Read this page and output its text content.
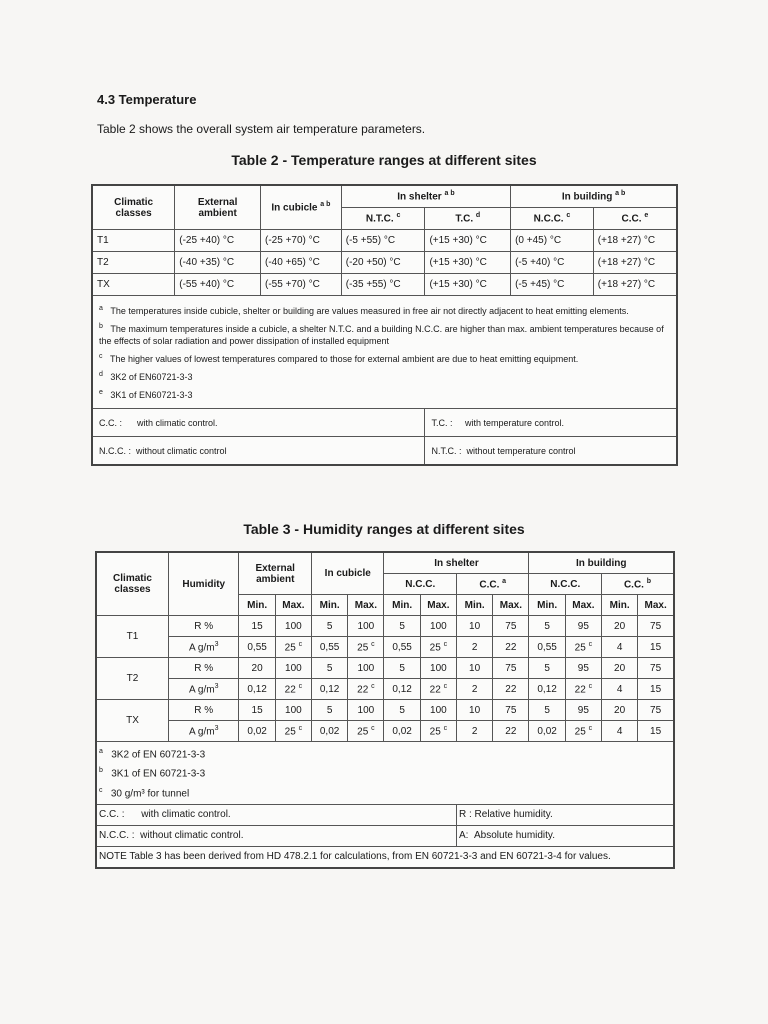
4.3 Temperature
Table 2 shows the overall system air temperature parameters.
Table 2 - Temperature ranges at different sites
Climatic classes	External ambient	In cubicle $^{a b}$	In shelter $^{a b}$		In building $^{a b}$
			N.T.C. $^c$	T.C. $^d$	N.C.C. $^c$	C.C. $^e$
T1	(-25 +40) °C	(-25 +70) °C	(-5 +55) °C	(+15 +30) °C	(0 +45) °C	(+18 +27) °C
T2	(-40 +35) °C	(-40 +65) °C	(-20 +50) °C	(+15 +30) °C	(-5 +40) °C	(+18 +27) °C
TX	(-55 +40) °C	(-55 +70) °C	(-35 +55) °C	(+15 +30) °C	(-5 +45) °C	(+18 +27) °C

$^a$ The temperatures inside cubicle, shelter or building are values measured in free air not directly adjacent to heat emitting elements.
$^b$ The maximum temperatures inside a cubicle, a shelter N.T.C. and a building N.C.C. are higher than max. ambient temperatures because of the effects of solar radiation and power dissipation of installed equipment
$^c$ The higher values of lowest temperatures compared to those for external ambient are due to heat emitting equipment.
$^d$ 3K2 of EN60721-3-3
$^e$ 3K1 of EN60721-3-3						

C.C. : with climatic control.				T.C. : with temperature control.		
N.C.C. : without climatic control				N.T.C. : without temperature control		
Table 3 - Humidity ranges at different sites
Climatic classes	Humidity	External ambient		In cubicle		In shelter				In building			
						N.C.C.		C.C. $^a$		N.C.C.		C.C. $^b$
		Min.	Max.	Min.	Max.	Min.	Max.	Min.	Max.	Min.	Max.	Min.	Max.
T1	R %	15	100	5	100	5	100	10	75	5	95	20	75
	A $g/m^3$	0,55	25 $^c$	0,55	25 $^c$	0,55	25 $^c$	2	22	0,55	25 $^c$	4	15
T2	R %	20	100	5	100	5	100	10	75	5	95	20	75
	A $g/m^3$	0,12	22 $^c$	0,12	22 $^c$	0,12	22 $^c$	2	22	0,12	22 $^c$	4	15
TX	R %	15	100	5	100	5	100	10	75	5	95	20	75
	A $g/m^3$	0,02	25 $^c$	0,02	25 $^c$	0,02	25 $^c$	2	22	0,02	25 $^c$	4	15

$^a$ 3K2 of EN 60721-3-3
$^b$ 3K1 of EN 60721-3-3
$^c$ 30 g/m³ for tunnel													

C.C. : with climatic control.								R : Relative humidity.					
N.C.C. : without climatic control.								A: Absolute humidity.					
NOTE Table 3 has been derived from HD 478.2.1 for calculations, from EN 60721-3-3 and EN 60721-3-4 for values.													
